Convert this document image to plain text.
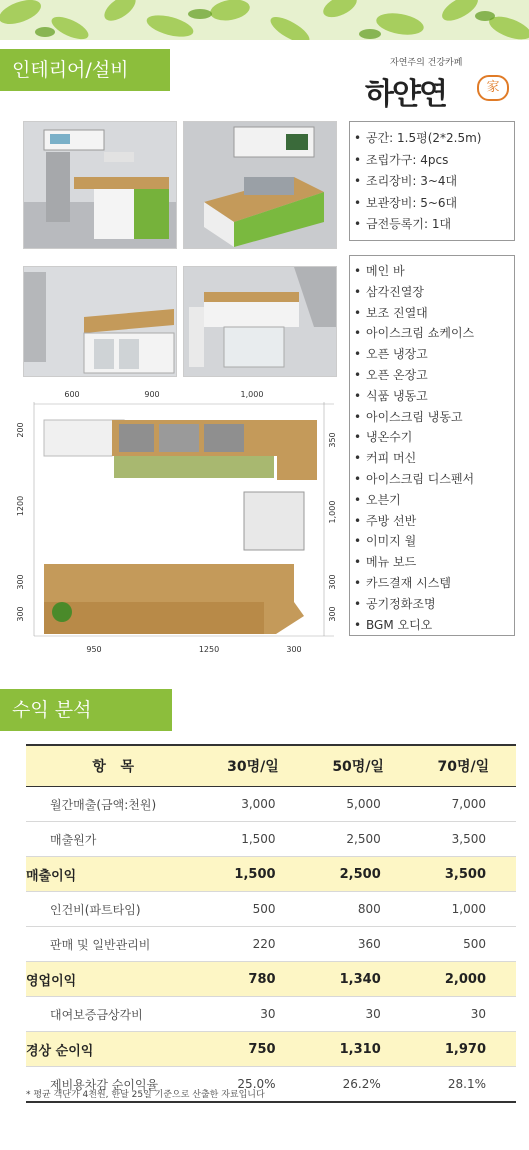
인테리어/설비	자연주의 건강카페
하얀연	家
• 공간: 1.5평(2*2.5m)
• 조립가구: 4pcs
• 조리장비: 3~4대
• 보관장비: 5~6대
• 금전등록기: 1대
• 메인 바
• 삼각진열장
• 보조 진열대
• 아이스크림 쇼케이스
• 오픈 냉장고
• 오픈 온장고
• 식품 냉동고
• 아이스크림 냉동고
• 냉온수기
• 커피 머신
• 아이스크림 디스펜서
• 오븐기
• 주방 선반
• 이미지 월
• 메뉴 보드
• 카드결재 시스템
• 공기정화조명
• BGM 오디오
600	900	1,000
950	1250	300
200
1200
300
300
350
1,000
300
300
수익 분석
항   목	30명/일	50명/일	70명/일
월간매출(금액:천원)	3,000	5,000	7,000
매출원가	1,500	2,500	3,500
매출이익	1,500	2,500	3,500
인건비(파트타임)	500	800	1,000
판매 및 일반관리비	220	360	500
영업이익	780	1,340	2,000
대여보증금상각비	30	30	30
경상 순이익	750	1,310	1,970
제비용차감 순이익율	25.0%	26.2%	28.1%
* 평균 객단가 4천원, 한달 25일 기준으로 산출한 자료입니다
